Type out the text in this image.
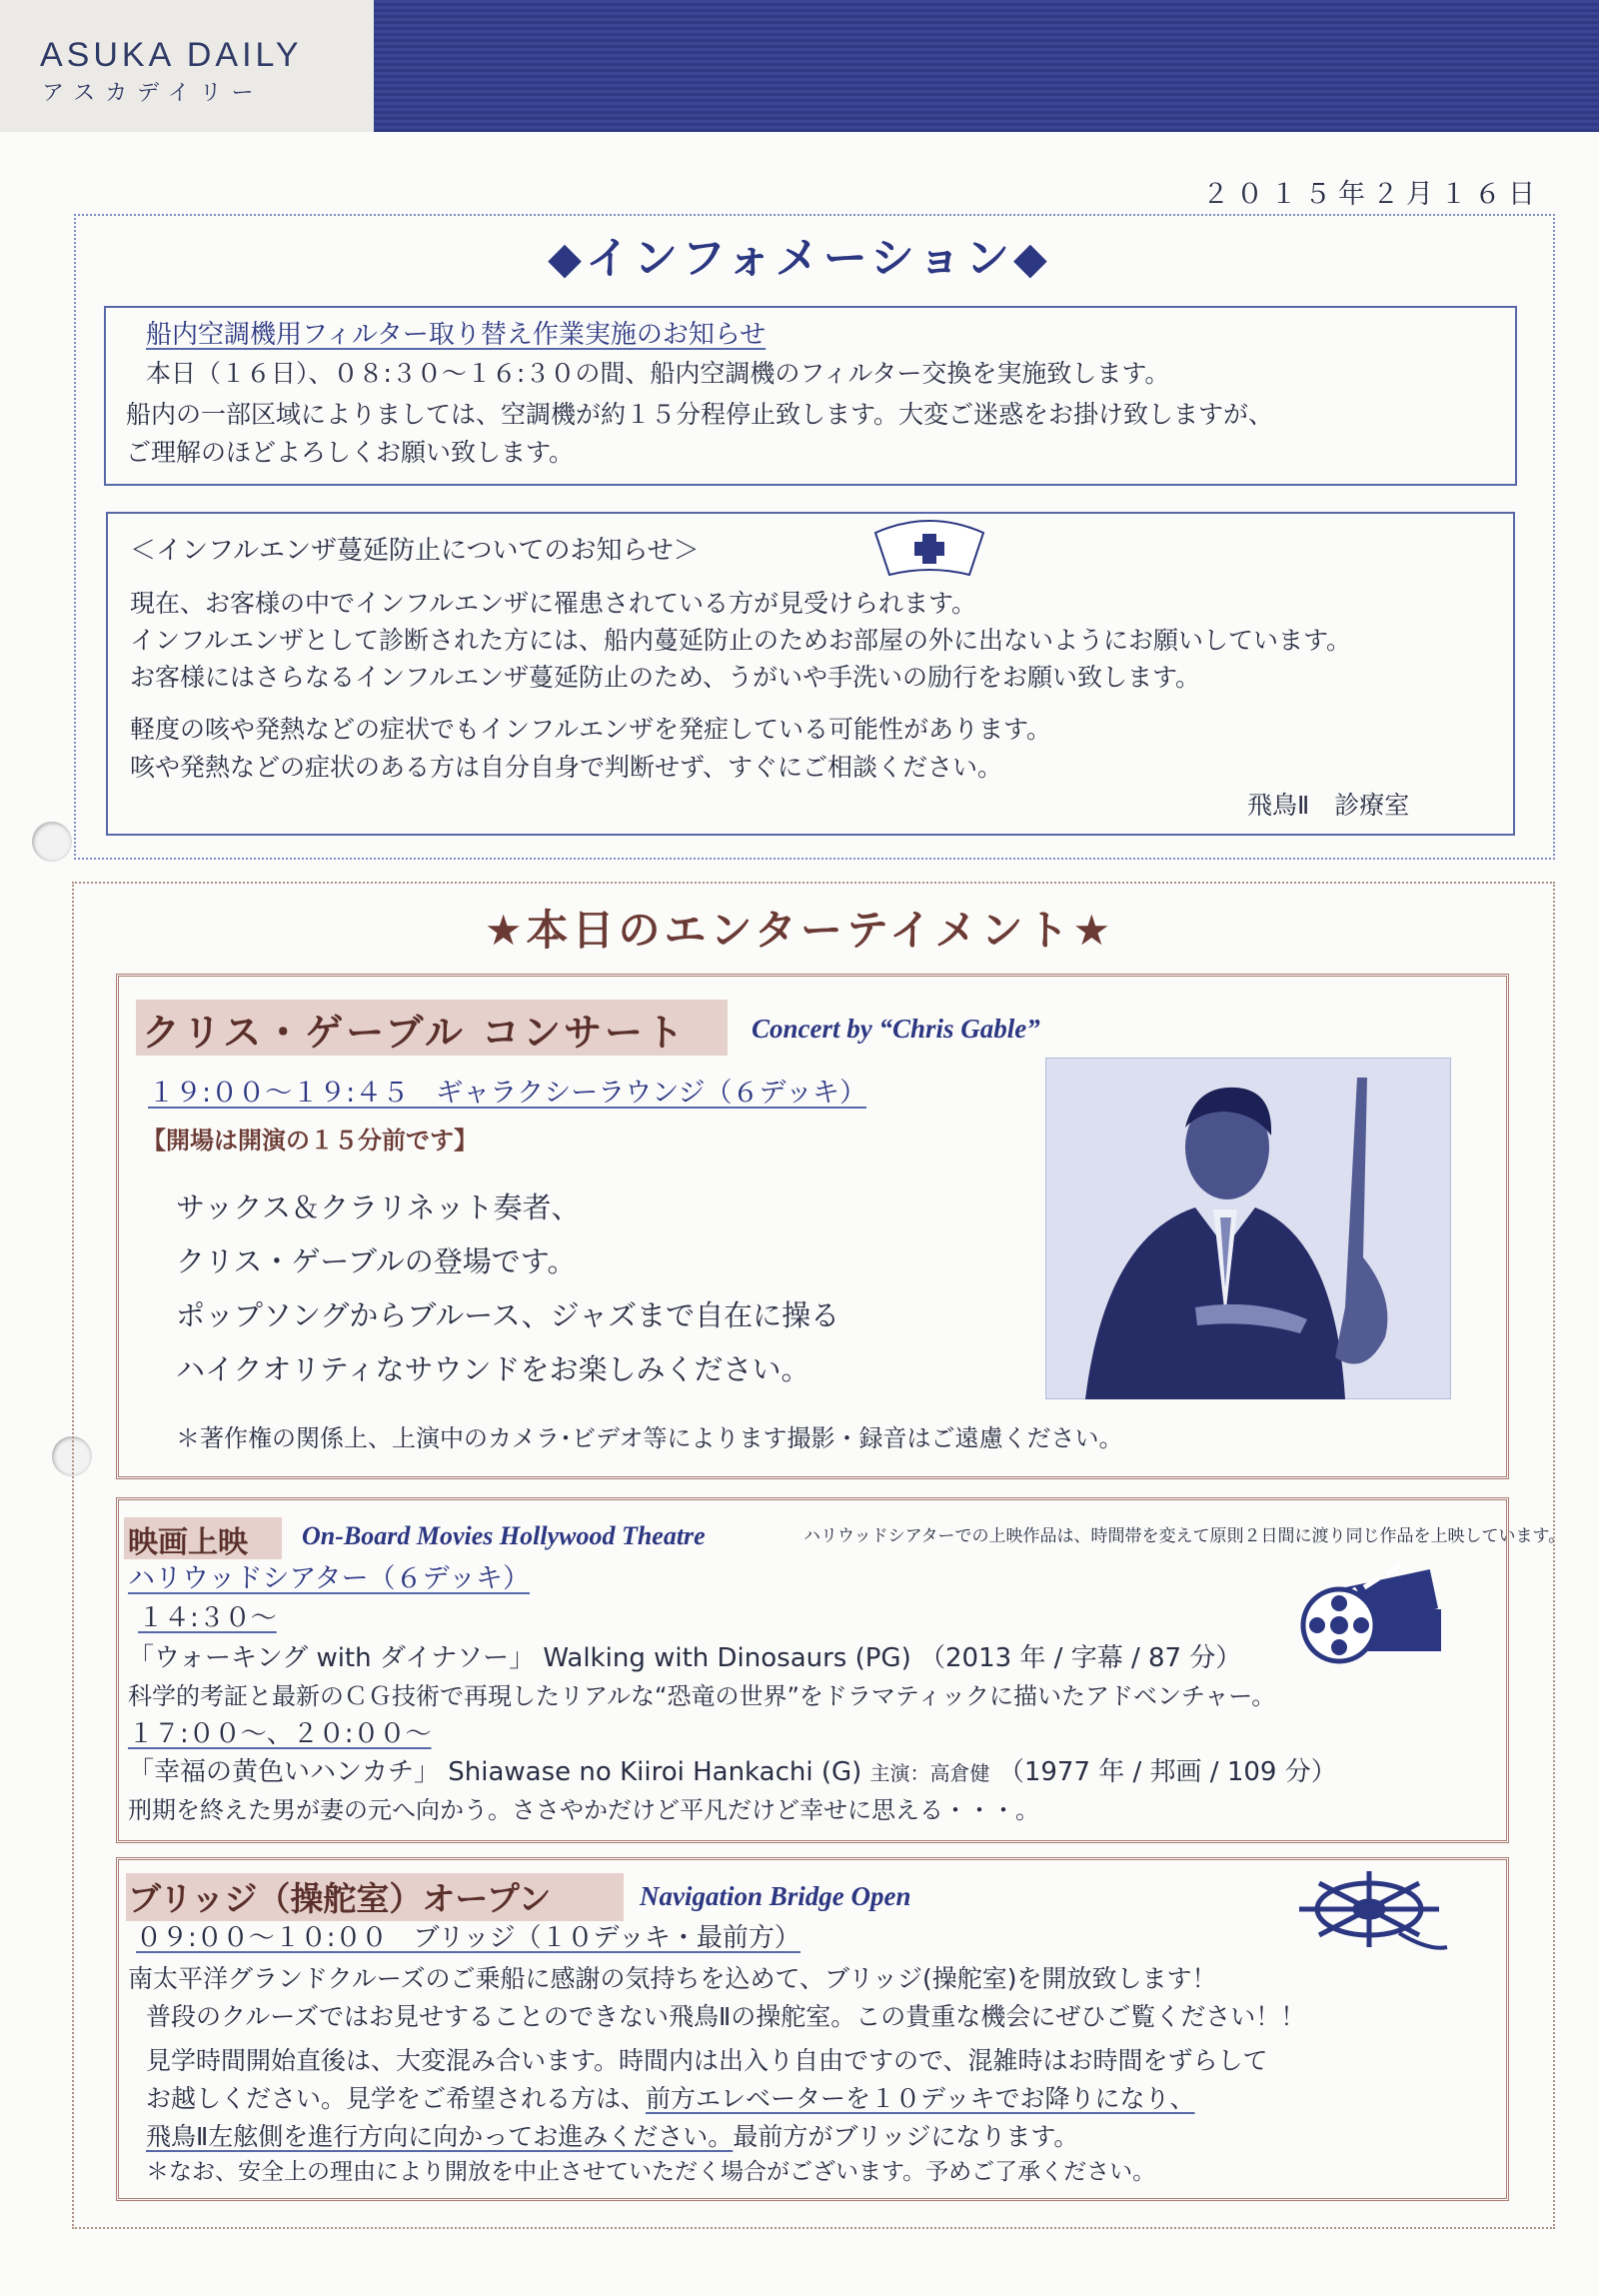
ASUKA DAILY
アスカデイリー
２０１５年２月１６日
◆インフォメーション◆
船内空調機用フィルター取り替え作業実施のお知らせ
本日（１６日）、０８:３０～１６:３０の間、船内空調機のフィルター交換を実施致します。
船内の一部区域によりましては、空調機が約１５分程停止致します。大変ご迷惑をお掛け致しますが、
ご理解のほどよろしくお願い致します。
＜インフルエンザ蔓延防止についてのお知らせ＞
現在、お客様の中でインフルエンザに罹患されている方が見受けられます。
インフルエンザとして診断された方には、船内蔓延防止のためお部屋の外に出ないようにお願いしています。
お客様にはさらなるインフルエンザ蔓延防止のため、うがいや手洗いの励行をお願い致します。
軽度の咳や発熱などの症状でもインフルエンザを発症している可能性があります。
咳や発熱などの症状のある方は自分自身で判断せず、すぐにご相談ください。
飛鳥Ⅱ　診療室
★本日のエンターテイメント★
クリス・ゲーブル コンサート Concert by “Chris Gable”
１９:００～１９:４５　ギャラクシーラウンジ（６デッキ）
【開場は開演の１５分前です】
サックス＆クラリネット奏者、
クリス・ゲーブルの登場です。
ポップソングからブルース、ジャズまで自在に操る
ハイクオリティなサウンドをお楽しみください。
＊著作権の関係上、上演中のカメラ･ビデオ等によります撮影・録音はご遠慮ください。
映画上映 On-Board Movies Hollywood Theatre	ハリウッドシアターでの上映作品は、時間帯を変えて原則２日間に渡り同じ作品を上映しています。
ハリウッドシアター（６デッキ）
１４:３０～
「ウォーキング with ダイナソー」 Walking with Dinosaurs (PG) （2013 年 / 字幕 / 87 分）
科学的考証と最新のＣＧ技術で再現したリアルな“恐竜の世界”をドラマティックに描いたアドベンチャー。
１７:００～、２０:００～
「幸福の黄色いハンカチ」 Shiawase no Kiiroi Hankachi (G) 主演：高倉健 （1977 年 / 邦画 / 109 分）
刑期を終えた男が妻の元へ向かう。ささやかだけど平凡だけど幸せに思える・・・。
ブリッジ（操舵室）オープン	Navigation Bridge Open
０９:００～１０:００　ブリッジ（１０デッキ・最前方）
南太平洋グランドクルーズのご乗船に感謝の気持ちを込めて、ブリッジ(操舵室)を開放致します！
普段のクルーズではお見せすることのできない飛鳥Ⅱの操舵室。この貴重な機会にぜひご覧ください！！
見学時間開始直後は、大変混み合います。時間内は出入り自由ですので、混雑時はお時間をずらして
お越しください。見学をご希望される方は、前方エレベーターを１０デッキでお降りになり、
飛鳥Ⅱ左舷側を進行方向に向かってお進みください。最前方がブリッジになります。
＊なお、安全上の理由により開放を中止させていただく場合がございます。予めご了承ください。
